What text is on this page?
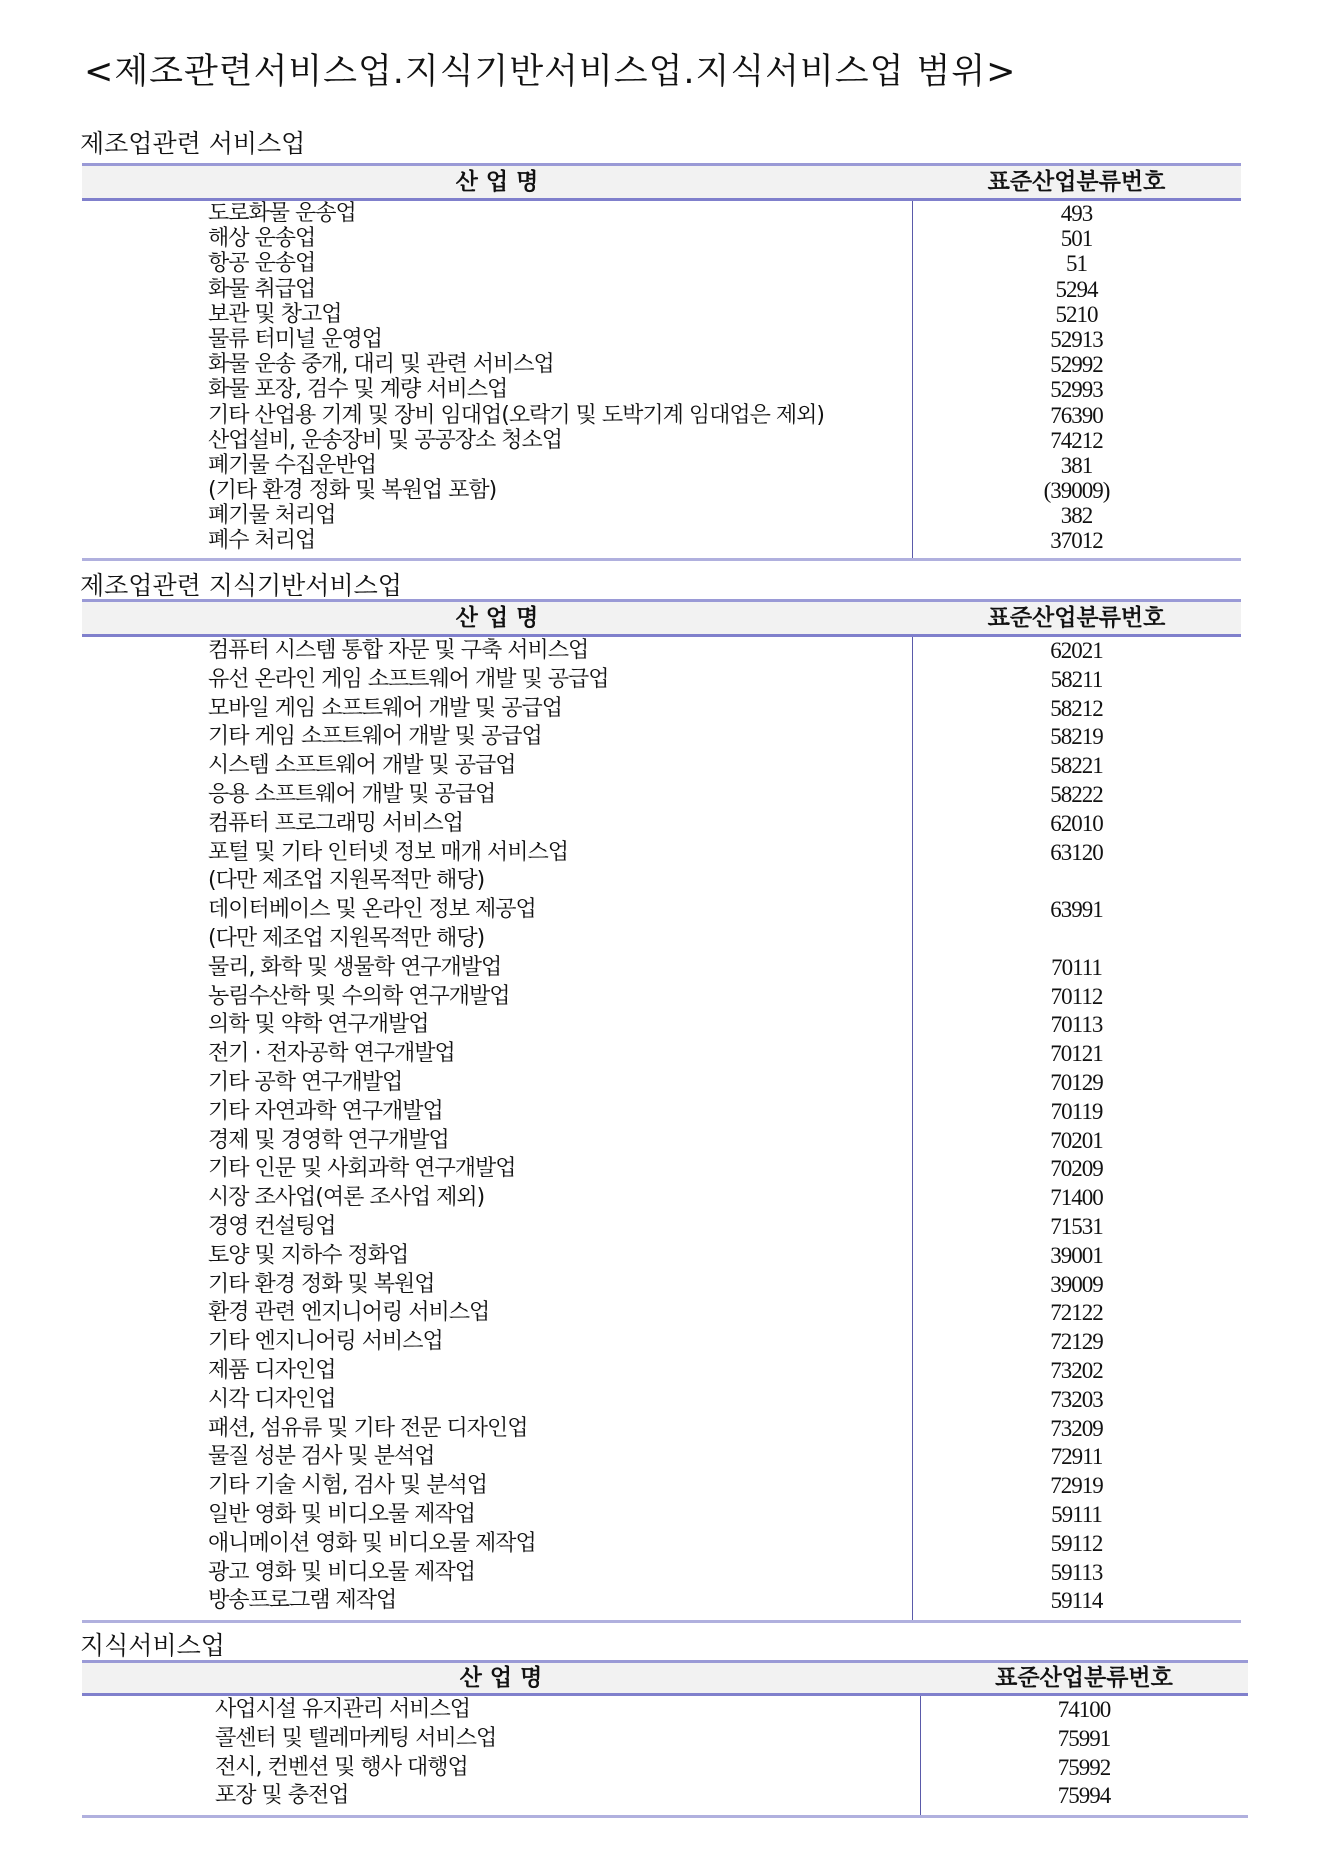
<제조관련서비스업.지식기반서비스업.지식서비스업 범위>
제조업관련 서비스업
산 업 명	표준산업분류번호
도로화물 운송업	493
해상 운송업	501
항공 운송업	51
화물 취급업	5294
보관 및 창고업	5210
물류 터미널 운영업	52913
화물 운송 중개, 대리 및 관련 서비스업	52992
화물 포장, 검수 및 계량 서비스업	52993
기타 산업용 기계 및 장비 임대업(오락기 및 도박기계 임대업은 제외)	76390
산업설비, 운송장비 및 공공장소 청소업	74212
폐기물 수집운반업	381
(기타 환경 정화 및 복원업 포함)	(39009)
폐기물 처리업	382
폐수 처리업	37012
제조업관련 지식기반서비스업
산 업 명	표준산업분류번호
컴퓨터 시스템 통합 자문 및 구축 서비스업	62021
유선 온라인 게임 소프트웨어 개발 및 공급업	58211
모바일 게임 소프트웨어 개발 및 공급업	58212
기타 게임 소프트웨어 개발 및 공급업	58219
시스템 소프트웨어 개발 및 공급업	58221
응용 소프트웨어 개발 및 공급업	58222
컴퓨터 프로그래밍 서비스업	62010
포털 및 기타 인터넷 정보 매개 서비스업	63120
(다만 제조업 지원목적만 해당)
데이터베이스 및 온라인 정보 제공업	63991
(다만 제조업 지원목적만 해당)
물리, 화학 및 생물학 연구개발업	70111
농림수산학 및 수의학 연구개발업	70112
의학 및 약학 연구개발업	70113
전기 · 전자공학 연구개발업	70121
기타 공학 연구개발업	70129
기타 자연과학 연구개발업	70119
경제 및 경영학 연구개발업	70201
기타 인문 및 사회과학 연구개발업	70209
시장 조사업(여론 조사업 제외)	71400
경영 컨설팅업	71531
토양 및 지하수 정화업	39001
기타 환경 정화 및 복원업	39009
환경 관련 엔지니어링 서비스업	72122
기타 엔지니어링 서비스업	72129
제품 디자인업	73202
시각 디자인업	73203
패션, 섬유류 및 기타 전문 디자인업	73209
물질 성분 검사 및 분석업	72911
기타 기술 시험, 검사 및 분석업	72919
일반 영화 및 비디오물 제작업	59111
애니메이션 영화 및 비디오물 제작업	59112
광고 영화 및 비디오물 제작업	59113
방송프로그램 제작업	59114
지식서비스업
산 업 명	표준산업분류번호
사업시설 유지관리 서비스업	74100
콜센터 및 텔레마케팅 서비스업	75991
전시, 컨벤션 및 행사 대행업	75992
포장 및 충전업	75994
